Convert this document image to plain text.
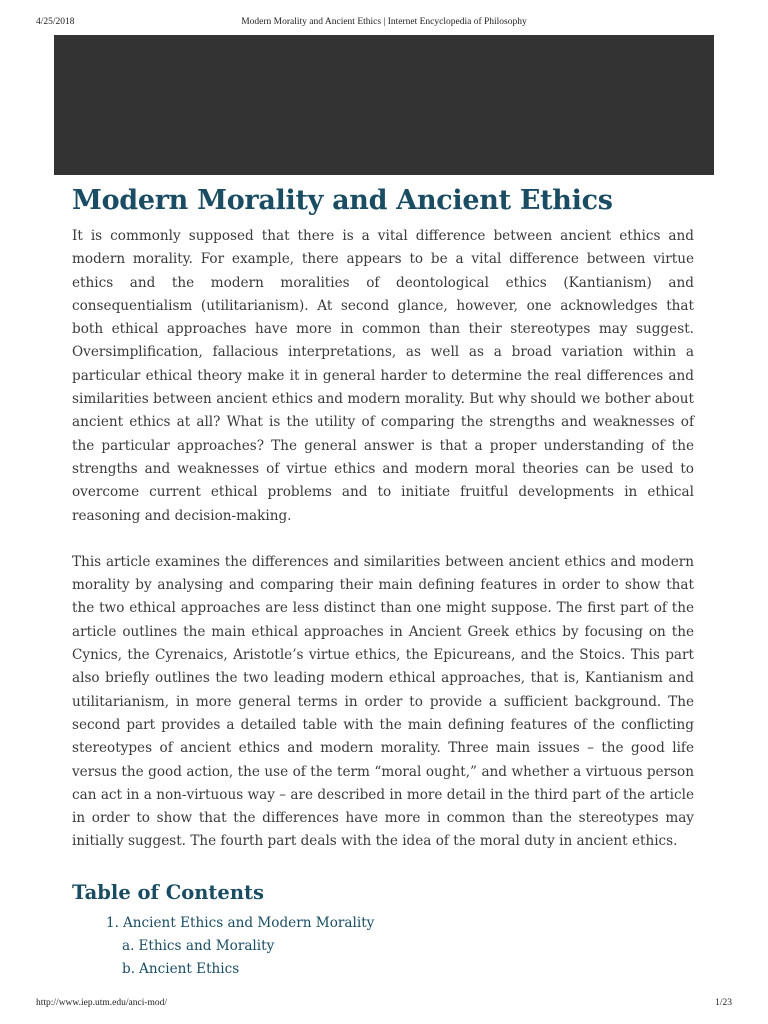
4/25/2018	Modern Morality and Ancient Ethics | Internet Encyclopedia of Philosophy
Modern Morality and Ancient Ethics

It is commonly supposed that there is a vital difference between ancient ethics and modern morality. For example, there appears to be a vital difference between virtue ethics and the modern moralities of deontological ethics (Kantianism) and consequentialism (utilitarianism). At second glance, however, one acknowledges that both ethical approaches have more in common than their stereotypes may suggest. Oversimplification, fallacious interpretations, as well as a broad variation within a particular ethical theory make it in general harder to determine the real differences and similarities between ancient ethics and modern morality. But why should we bother about ancient ethics at all? What is the utility of comparing the strengths and weaknesses of the particular approaches? The general answer is that a proper understanding of the strengths and weaknesses of virtue ethics and modern moral theories can be used to overcome current ethical problems and to initiate fruitful developments in ethical reasoning and decision-making.

This article examines the differences and similarities between ancient ethics and modern morality by analysing and comparing their main defining features in order to show that the two ethical approaches are less distinct than one might suppose. The first part of the article outlines the main ethical approaches in Ancient Greek ethics by focusing on the Cynics, the Cyrenaics, Aristotle’s virtue ethics, the Epicureans, and the Stoics. This part also briefly outlines the two leading modern ethical approaches, that is, Kantianism and utilitarianism, in more general terms in order to provide a sufficient background. The second part provides a detailed table with the main defining features of the conflicting stereotypes of ancient ethics and modern morality. Three main issues – the good life versus the good action, the use of the term “moral ought,” and whether a virtuous person can act in a non-virtuous way – are described in more detail in the third part of the article in order to show that the differences have more in common than the stereotypes may initially suggest. The fourth part deals with the idea of the moral duty in ancient ethics.

Table of Contents
1. Ancient Ethics and Modern Morality
a. Ethics and Morality
b. Ancient Ethics
http://www.iep.utm.edu/anci-mod/	1/23
